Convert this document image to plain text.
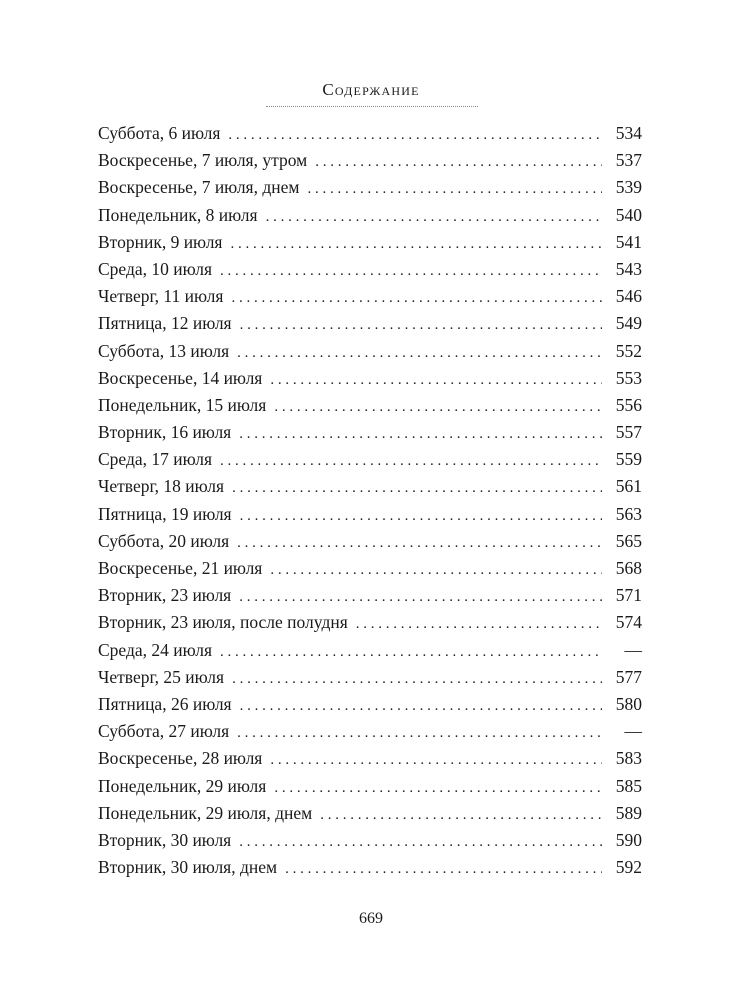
Содержание
Суббота, 6 июля . . .	534
Воскресенье, 7 июля, утром . . .	537
Воскресенье, 7 июля, днем . . .	539
Понедельник, 8 июля . . .	540
Вторник, 9 июля . . .	541
Среда, 10 июля . . .	543
Четверг, 11 июля . . .	546
Пятница, 12 июля . . .	549
Суббота, 13 июля . . .	552
Воскресенье, 14 июля . . .	553
Понедельник, 15 июля . . .	556
Вторник, 16 июля . . .	557
Среда, 17 июля . . .	559
Четверг, 18 июля . . .	561
Пятница, 19 июля . . .	563
Суббота, 20 июля . . .	565
Воскресенье, 21 июля . . .	568
Вторник, 23 июля . . .	571
Вторник, 23 июля, после полудня . . .	574
Среда, 24 июля . . .	—
Четверг, 25 июля . . .	577
Пятница, 26 июля . . .	580
Суббота, 27 июля . . .	—
Воскресенье, 28 июля . . .	583
Понедельник, 29 июля . . .	585
Понедельник, 29 июля, днем . . .	589
Вторник, 30 июля . . .	590
Вторник, 30 июля, днем . . .	592
669
